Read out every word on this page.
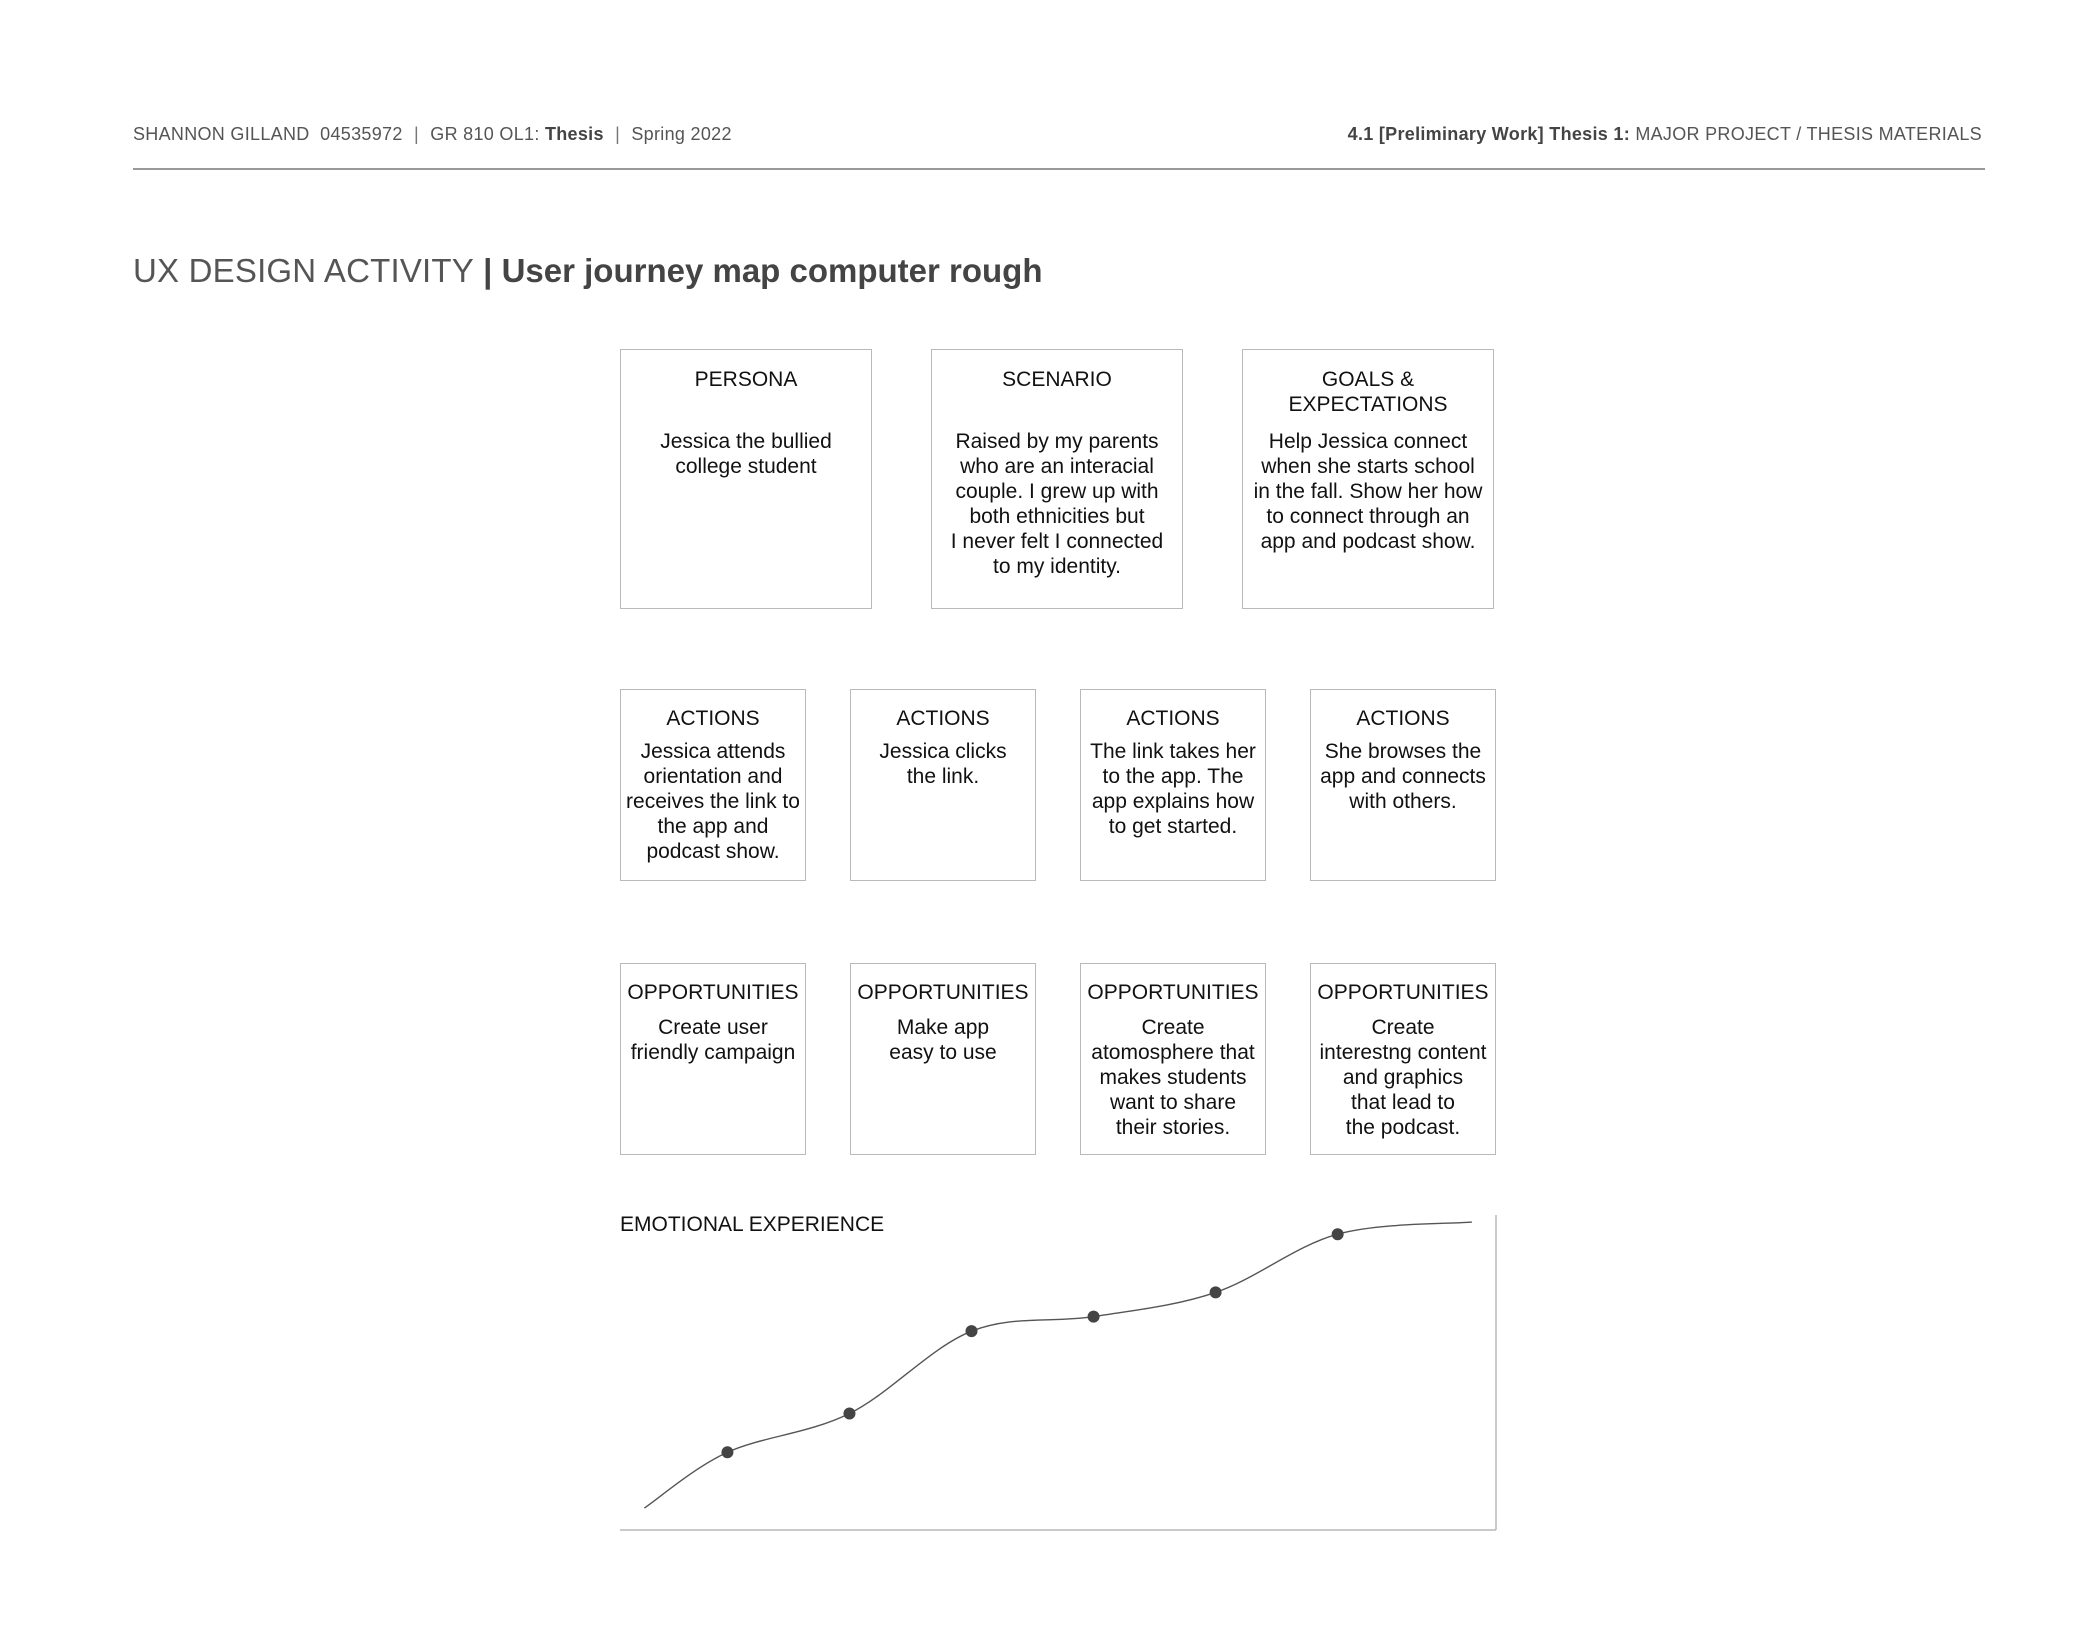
SHANNON GILLAND 04535972 | GR 810 OL1: Thesis | Spring 2022	4.1 [Preliminary Work] Thesis 1: MAJOR PROJECT / THESIS MATERIALS
UX DESIGN ACTIVITY | User journey map computer rough
PERSONA
Jessica the bullied
college student
SCENARIO
Raised by my parents
who are an interacial
couple. I grew up with
both ethnicities but
I never felt I connected
to my identity.
GOALS &
EXPECTATIONS
Help Jessica connect
when she starts school
in the fall. Show her how
to connect through an
app and podcast show.
ACTIONS
Jessica attends
orientation and
receives the link to
the app and
podcast show.
ACTIONS
Jessica clicks
the link.
ACTIONS
The link takes her
to the app. The
app explains how
to get started.
ACTIONS
She browses the
app and connects
with others.
OPPORTUNITIES
Create user
friendly campaign
OPPORTUNITIES
Make app
easy to use
OPPORTUNITIES
Create
atomosphere that
makes students
want to share
their stories.
OPPORTUNITIES
Create
interestng content
and graphics
that lead to
the podcast.
EMOTIONAL EXPERIENCE
